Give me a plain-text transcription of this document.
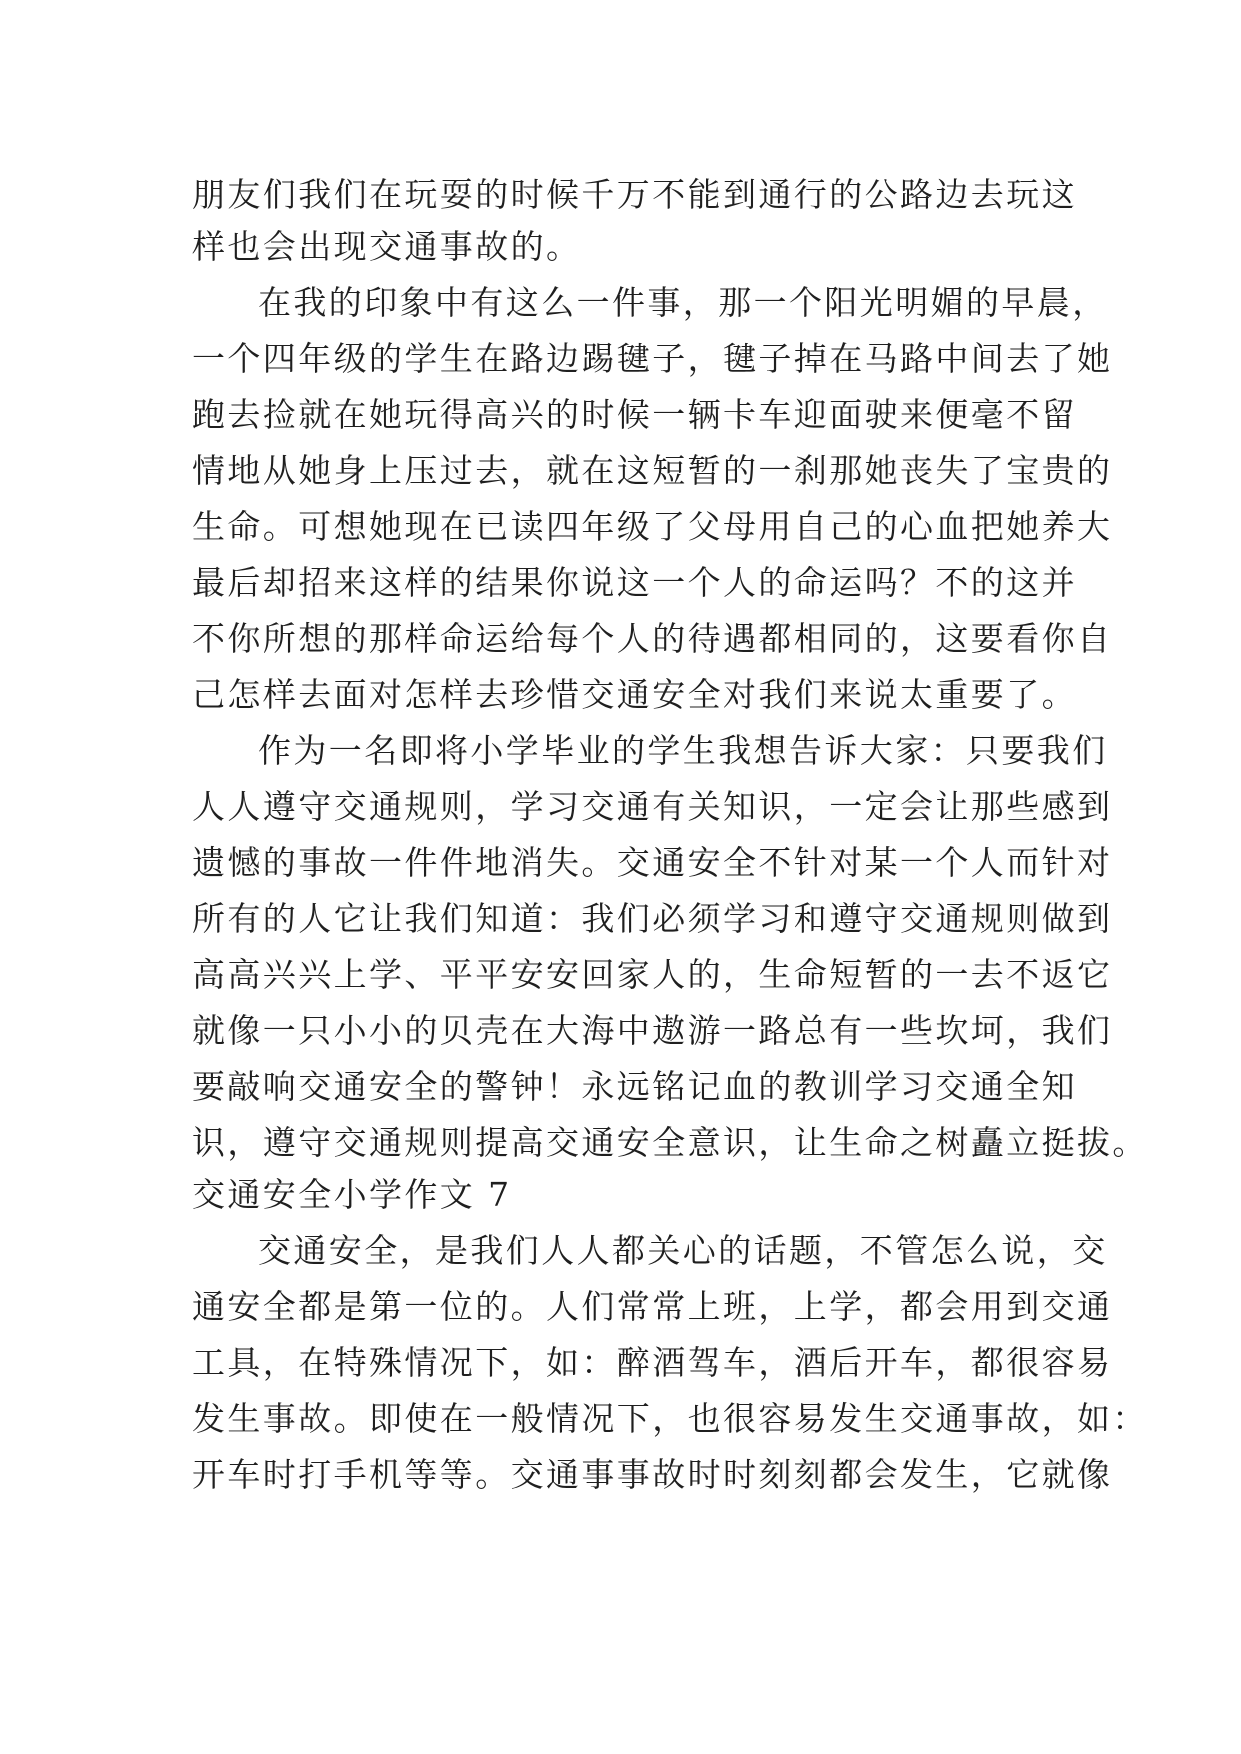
朋友们我们在玩耍的时候千万不能到通行的公路边去玩这
样也会出现交通事故的。
在我的印象中有这么一件事，那一个阳光明媚的早晨，
一个四年级的学生在路边踢毽子，毽子掉在马路中间去了她
跑去捡就在她玩得高兴的时候一辆卡车迎面驶来便毫不留
情地从她身上压过去，就在这短暂的一刹那她丧失了宝贵的
生命。可想她现在已读四年级了父母用自己的心血把她养大
最后却招来这样的结果你说这一个人的命运吗？不的这并
不你所想的那样命运给每个人的待遇都相同的，这要看你自
己怎样去面对怎样去珍惜交通安全对我们来说太重要了。
作为一名即将小学毕业的学生我想告诉大家：只要我们
人人遵守交通规则，学习交通有关知识，一定会让那些感到
遗憾的事故一件件地消失。交通安全不针对某一个人而针对
所有的人它让我们知道：我们必须学习和遵守交通规则做到
高高兴兴上学、平平安安回家人的，生命短暂的一去不返它
就像一只小小的贝壳在大海中遨游一路总有一些坎坷，我们
要敲响交通安全的警钟！永远铭记血的教训学习交通全知
识，遵守交通规则提高交通安全意识，让生命之树矗立挺拔。
交通安全小学作文 7
交通安全，是我们人人都关心的话题，不管怎么说，交
通安全都是第一位的。人们常常上班，上学，都会用到交通
工具，在特殊情况下，如：醉酒驾车，酒后开车，都很容易
发生事故。即使在一般情况下，也很容易发生交通事故，如：
开车时打手机等等。交通事事故时时刻刻都会发生，它就像
